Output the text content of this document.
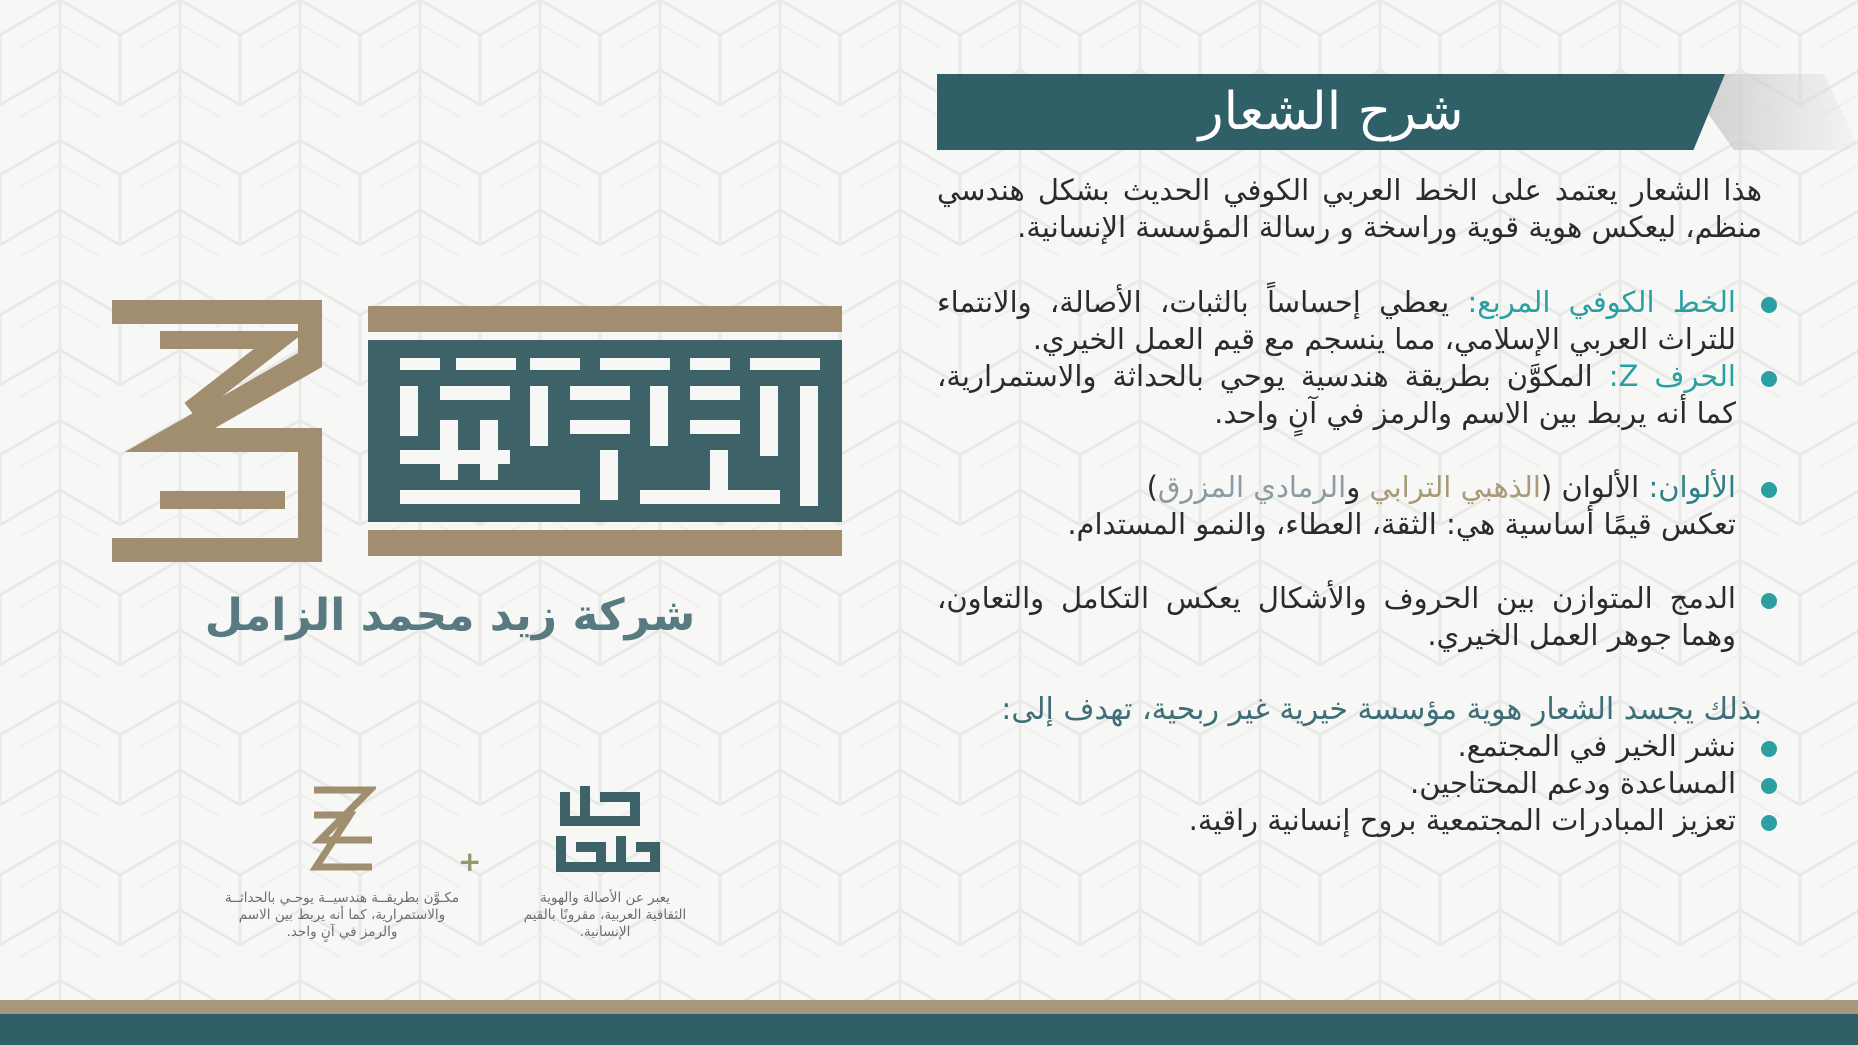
شرح الشعار

هذا الشعار يعتمد على الخط العربي الكوفي الحديث بشكل هندسي منظم، ليعكس هوية قوية وراسخة و رسالة المؤسسة الإنسانية.

الخط الكوفي المربع: يعطي إحساساً بالثبات، الأصالة، والانتماء للتراث العربي الإسلامي، مما ينسجم مع قيم العمل الخيري.

الحرف Z: المكوَّن بطريقة هندسية يوحي بالحداثة والاستمرارية، كما أنه يربط بين الاسم والرمز في آنٍ واحد.

الألوان: الألوان (الذهبي الترابي والرمادي المزرق)
تعكس قيمًا أساسية هي: الثقة، العطاء، والنمو المستدام.

الدمج المتوازن بين الحروف والأشكال يعكس التكامل والتعاون، وهما جوهر العمل الخيري.

بذلك يجسد الشعار هوية مؤسسة خيرية غير ربحية، تهدف إلى:

نشر الخير في المجتمع.

المساعدة ودعم المحتاجين.

تعزيز المبادرات المجتمعية بروح إنسانية راقية.

شركة زيد محمد الزامل
+
مكـوَّن بطريقــة هندسيــة يوحـي بالحداثــة والاستمرارية، كما أنه يربط بين الاسم والرمز في آنٍ واحد.
يعبر عن الأصالة والهوية الثقافية العربية، مقرونًا بالقيم الإنسانية.
